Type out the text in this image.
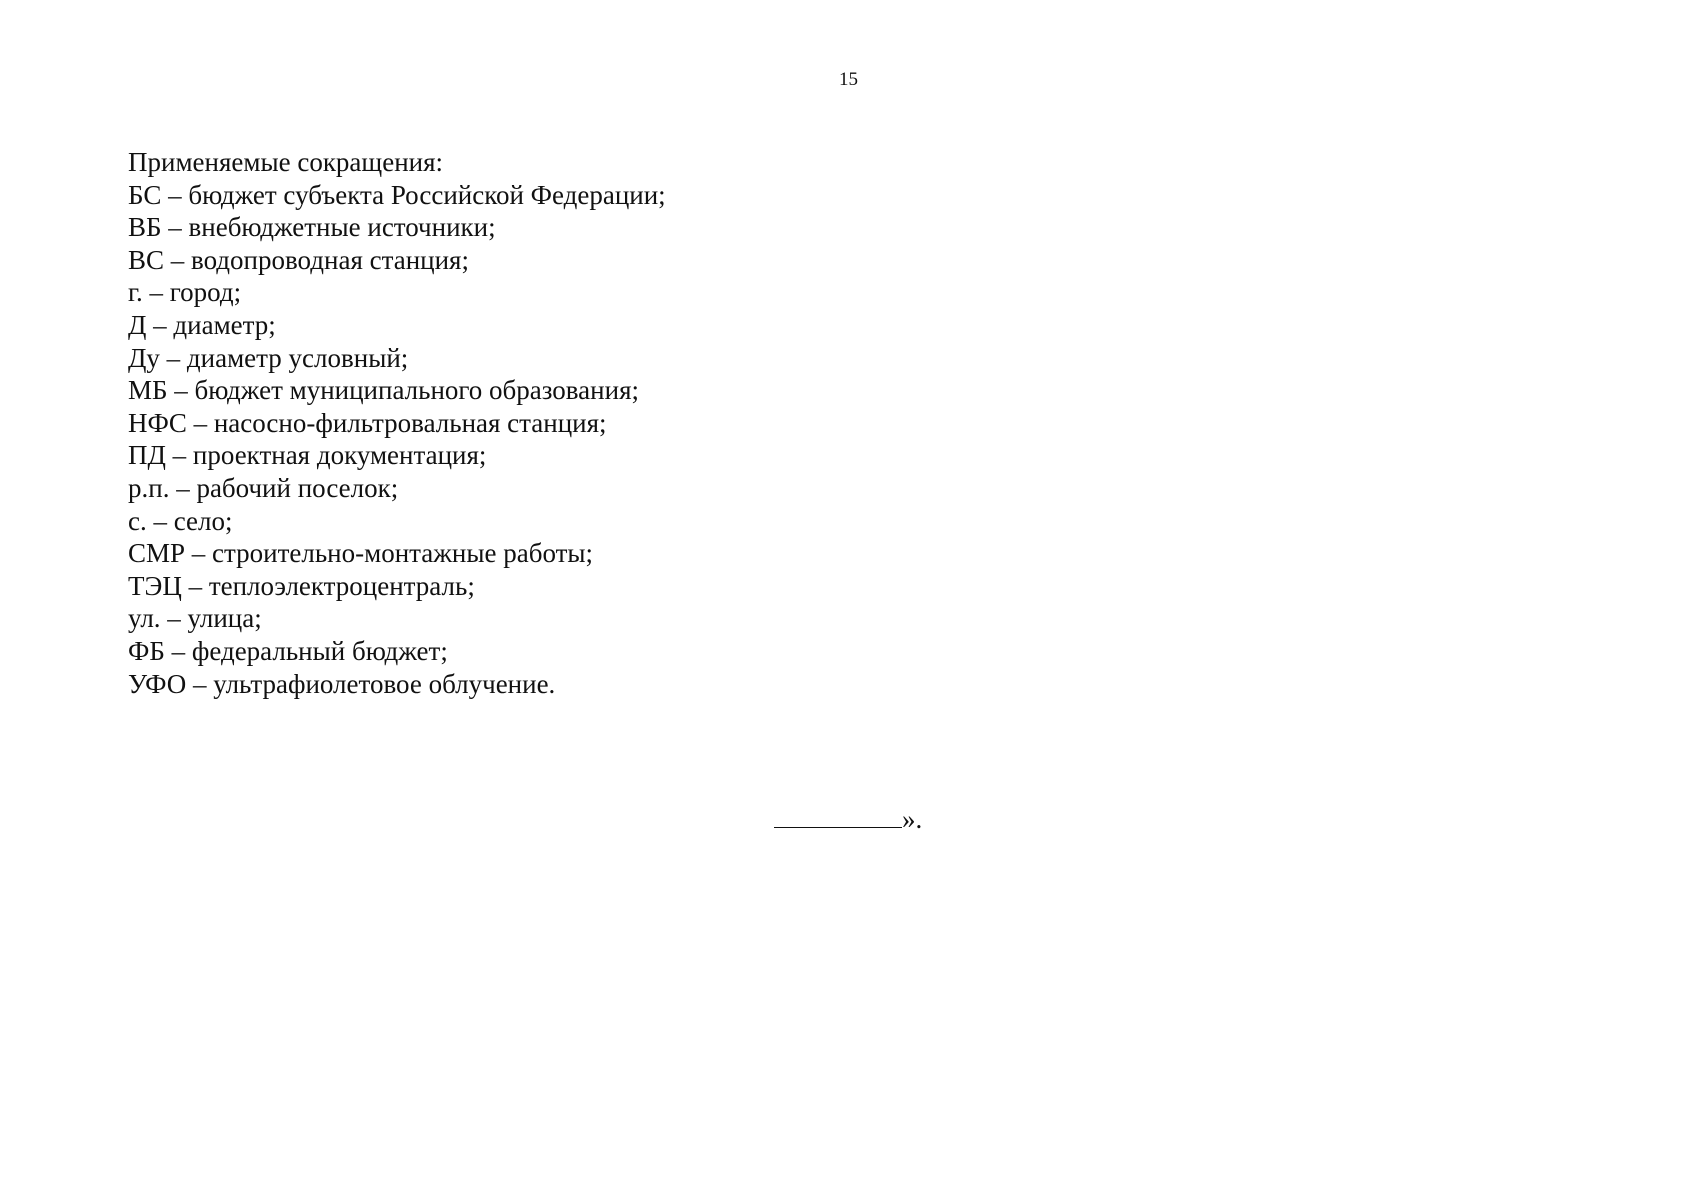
15
Применяемые сокращения:
БС – бюджет субъекта Российской Федерации;
ВБ – внебюджетные источники;
ВС – водопроводная станция;
г. – город;
Д – диаметр;
Ду – диаметр условный;
МБ – бюджет муниципального образования;
НФС – насосно-фильтровальная станция;
ПД – проектная документация;
р.п. – рабочий поселок;
с. – село;
СМР – строительно-монтажные работы;
ТЭЦ – теплоэлектроцентраль;
ул. – улица;
ФБ – федеральный бюджет;
УФО – ультрафиолетовое облучение.
».
